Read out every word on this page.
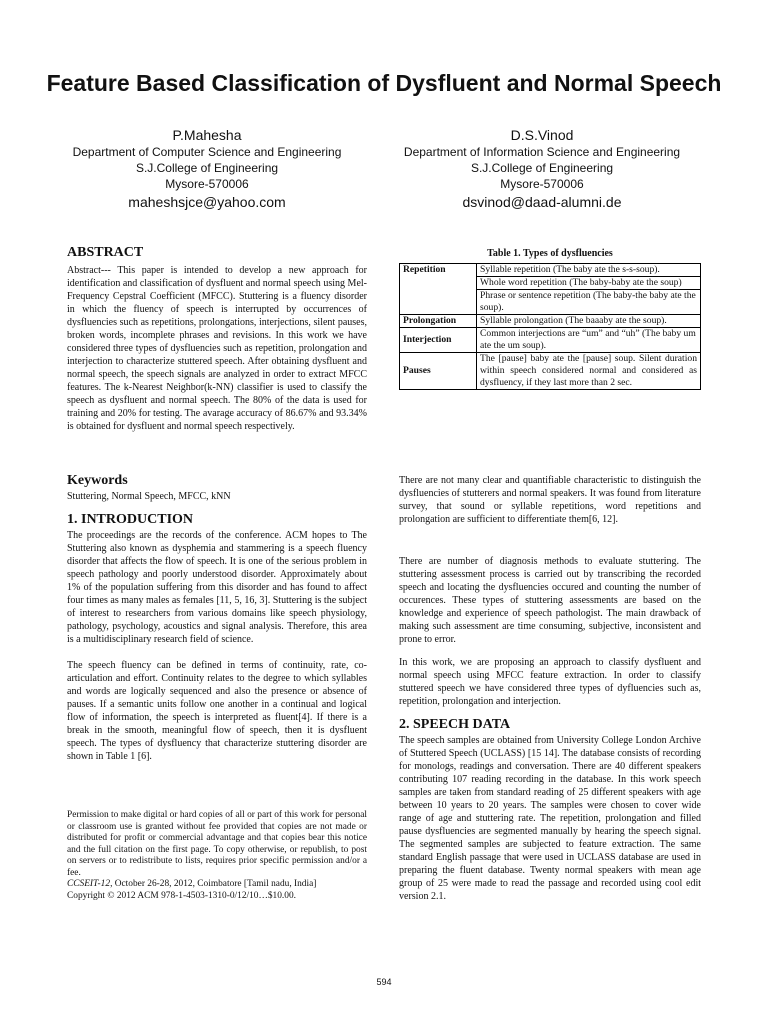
Feature Based Classification of Dysfluent and Normal Speech
P.Mahesha
Department of Computer Science and Engineering
S.J.College of Engineering
Mysore-570006
maheshsjce@yahoo.com
D.S.Vinod
Department of Information Science and Engineering
S.J.College of Engineering
Mysore-570006
dsvinod@daad-alumni.de
ABSTRACT
Abstract--- This paper is intended to develop a new approach for identification and classification of dysfluent and normal speech using Mel-Frequency Cepstral Coefficient (MFCC). Stuttering is a fluency disorder in which the fluency of speech is interrupted by occurrences of dysfluencies such as repetitions, prolongations, interjections, silent pauses, broken words, incomplete phrases and revisions. In this work we have considered three types of dysfluencies such as repetition, prolongation and interjection to characterize stuttered speech. After obtaining dysfluent and normal speech, the speech signals are analyzed in order to extract MFCC features. The k-Nearest Neighbor(k-NN) classifier is used to classify the speech as dysfluent and normal speech. The 80% of the data is used for training and 20% for testing. The avarage accuracy of 86.67% and 93.34% is obtained for dysfluent and normal speech respectively.
Keywords
Stuttering, Normal Speech, MFCC, kNN
1. INTRODUCTION
The proceedings are the records of the conference. ACM hopes to The Stuttering also known as dysphemia and stammering is a speech fluency disorder that affects the flow of speech. It is one of the serious problem in speech pathology and poorly understood disorder. Approximately about 1% of the population suffering from this disorder and has found to affect four times as many males as females [11, 5, 16, 3]. Stuttering is the subject of interest to researchers from various domains like speech physiology, pathology, psychology, acoustics and signal analysis. Therefore, this area is a multidisciplinary research field of science.
The speech fluency can be defined in terms of continuity, rate, co-articulation and effort. Continuity relates to the degree to which syllables and words are logically sequenced and also the presence or absence of pauses. If a semantic units follow one another in a continual and logical flow of information, the speech is interpreted as fluent[4]. If there is a break in the smooth, meaningful flow of speech, then it is dysfluent speech. The types of dysfluency that characterize stuttering disorder are shown in Table 1 [6].
Permission to make digital or hard copies of all or part of this work for personal or classroom use is granted without fee provided that copies are not made or distributed for profit or commercial advantage and that copies bear this notice and the full citation on the first page. To copy otherwise, or republish, to post on servers or to redistribute to lists, requires prior specific permission and/or a fee.
CCSEIT-12, October 26-28, 2012, Coimbatore [Tamil nadu, India]
Copyright © 2012 ACM 978-1-4503-1310-0/12/10…$10.00.
Table 1. Types of dysfluencies
Repetition	Syllable repetition (The baby ate the s-s-soup).
	Whole word repetition (The baby-baby ate the soup)
	Phrase or sentence repetition (The baby-the baby ate the soup).
Prolongation	Syllable prolongation (The baaaby ate the soup).
Interjection	Common interjections are “um” and “uh” (The baby um ate the um soup).
Pauses	The [pause] baby ate the [pause] soup. Silent duration within speech considered normal and considered as dysfluency, if they last more than 2 sec.
There are not many clear and quantifiable characteristic to distinguish the dysfluencies of stutterers and normal speakers. It was found from literature survey, that sound or syllable repetitions, word repetitions and prolongation are sufficient to differentiate them[6, 12].
There are number of diagnosis methods to evaluate stuttering. The stuttering assessment process is carried out by transcribing the recorded speech and locating the dysfluencies occured and counting the number of occurences. These types of stuttering assessments are based on the knowledge and experience of speech pathologist. The main drawback of making such assessment are time consuming, subjective, inconsistent and prone to error.
In this work, we are proposing an approach to classify dysfluent and normal speech using MFCC feature extraction. In order to classify stuttered speech we have considered three types of dyfluencies such as, repetition, prolongation and interjection.
2. SPEECH DATA
The speech samples are obtained from University College London Archive of Stuttered Speech (UCLASS) [15 14]. The database consists of recording for monologs, readings and conversation. There are 40 different speakers contributing 107 reading recording in the database. In this work speech samples are taken from standard reading of 25 different speakers with age between 10 years to 20 years. The samples were chosen to cover wide range of age and stuttering rate. The repetition, prolongation and filled pause dysfluencies are segmented manually by hearing the speech signal. The segmented samples are subjected to feature extraction. The same standard English passage that were used in UCLASS database are used in preparing the fluent database. Twenty normal speakers with mean age group of 25 were made to read the passage and recorded using cool edit version 2.1.
594
